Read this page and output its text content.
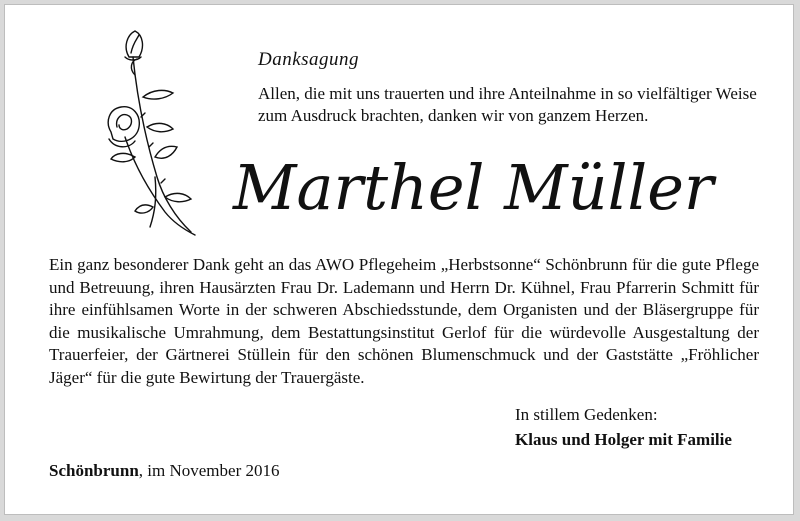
Danksagung
Allen, die mit uns trauerten und ihre Anteilnahme in so vielfältiger Weise zum Ausdruck brachten, danken wir von ganzem Herzen.
Marthel Müller
Ein ganz besonderer Dank geht an das AWO Pflegeheim „Herbstsonne“ Schönbrunn für die gute Pflege und Betreuung, ihren Hausärzten Frau Dr. Lademann und Herrn Dr. Kühnel, Frau Pfarrerin Schmitt für ihre einfühlsamen Worte in der schweren Abschiedsstunde, dem Organisten und der Bläsergruppe für die musikalische Umrahmung, dem Bestattungsinstitut Gerlof für die würdevolle Ausgestaltung der Trauerfeier, der Gärtnerei Stüllein für den schönen Blumenschmuck und der Gaststätte „Fröhlicher Jäger“ für die gute Bewirtung der Trauergäste.
In stillem Gedenken:
Klaus und Holger mit Familie
Schönbrunn, im November 2016
